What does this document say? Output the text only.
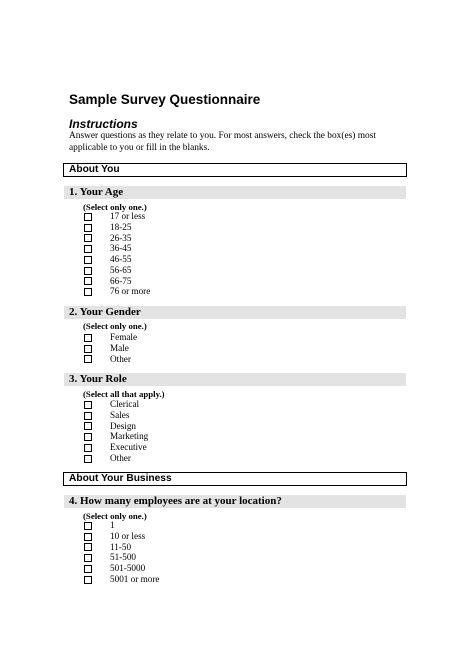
Sample Survey Questionnaire
Instructions
Answer questions as they relate to you. For most answers, check the box(es) most applicable to you or fill in the blanks.
About You
1. Your Age
(Select only one.)
17 or less
18-25
26-35
36-45
46-55
56-65
66-75
76 or more
2. Your Gender
(Select only one.)
Female
Male
Other
3. Your Role
(Select all that apply.)
Clerical
Sales
Design
Marketing
Executive
Other
About Your Business
4. How many employees are at your location?
(Select only one.)
1
10 or less
11-50
51-500
501-5000
5001 or more
